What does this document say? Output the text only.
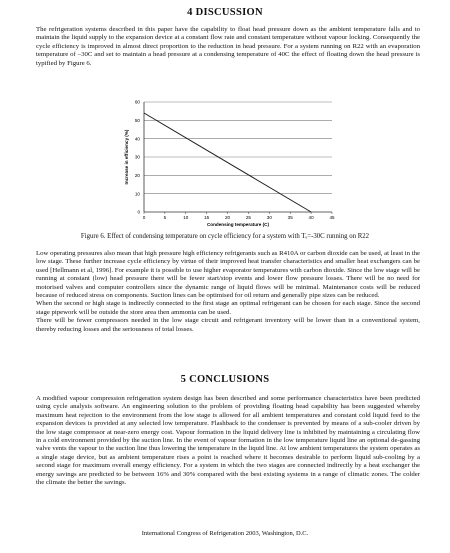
4 DISCUSSION

The refrigeration systems described in this paper have the capability to float head pressure down as the ambient temperature falls and to maintain the liquid supply to the expansion device at a constant flow rate and constant temperature without vapour locking. Consequently the cycle efficiency is improved in almost direct proportion to the reduction in head pressure. For a system running on R22 with an evaporation temperature of –30C and set to maintain a head pressure at a condensing temperature of 40C the effect of floating down the head pressure is typified by Figure 6.

0
10
20
30
40
50
60
0	5	10	15	20	25	30	35	40	45
Condensing temperature (C)
Increase in efficiency (%)
Figure 6. Effect of condensing temperature on cycle efficiency for a system with Tₑ=-30C running on R22
Low operating pressures also mean that high pressure high efficiency refrigerants such as R410A or carbon dioxide can be used, at least in the low stage. These further increase cycle efficiency by virtue of their improved heat transfer characteristics and smaller heat exchangers can be used [Hellmann et al, 1996]. For example it is possible to use higher evaporator temperatures with carbon dioxide. Since the low stage will be running at constant (low) head pressure there will be fewer start/stop events and lower flow pressure losses. There will be no need for motorised valves and computer controllers since the dynamic range of liquid flows will be minimal. Maintenance costs will be reduced because of reduced stress on components. Suction lines can be optimised for oil return and generally pipe sizes can be reduced.
When the second or high stage is indirectly connected to the first stage an optimal refrigerant can be chosen for each stage. Since the second stage pipework will be outside the store area then ammonia can be used.
There will be fewer compressors needed in the low stage circuit and refrigerant inventory will be lower than in a conventional system, thereby reducing losses and the seriousness of total losses.
5 CONCLUSIONS

A modified vapour compression refrigeration system design has been described and some performance characteristics have been predicted using cycle analysis software. An engineering solution to the problem of providing floating head capability has been suggested whereby maximum heat rejection to the environment from the low stage is allowed for all ambient temperatures and constant cold liquid feed to the expansion devices is provided at any selected low temperature. Flashback to the condenser is prevented by means of a sub-cooler driven by the low stage compressor at near-zero energy cost. Vapour formation in the liquid delivery line is inhibited by maintaining a circulating flow in a cold environment provided by the suction line. In the event of vapour formation in the low temperature liquid line an optional de-gassing valve vents the vapour to the suction line thus lowering the temperature in the liquid line. At low ambient temperatures the system operates as a single stage device, but as ambient temperature rises a point is reached where it becomes desirable to perform liquid sub-cooling by a second stage for maximum overall energy efficiency. For a system in which the two stages are connected indirectly by a heat exchanger the energy savings are predicted to be between 16% and 30% compared with the best existing systems in a range of climatic zones. The colder the climate the better the savings.

International Congress of Refrigeration 2003, Washington, D.C.
